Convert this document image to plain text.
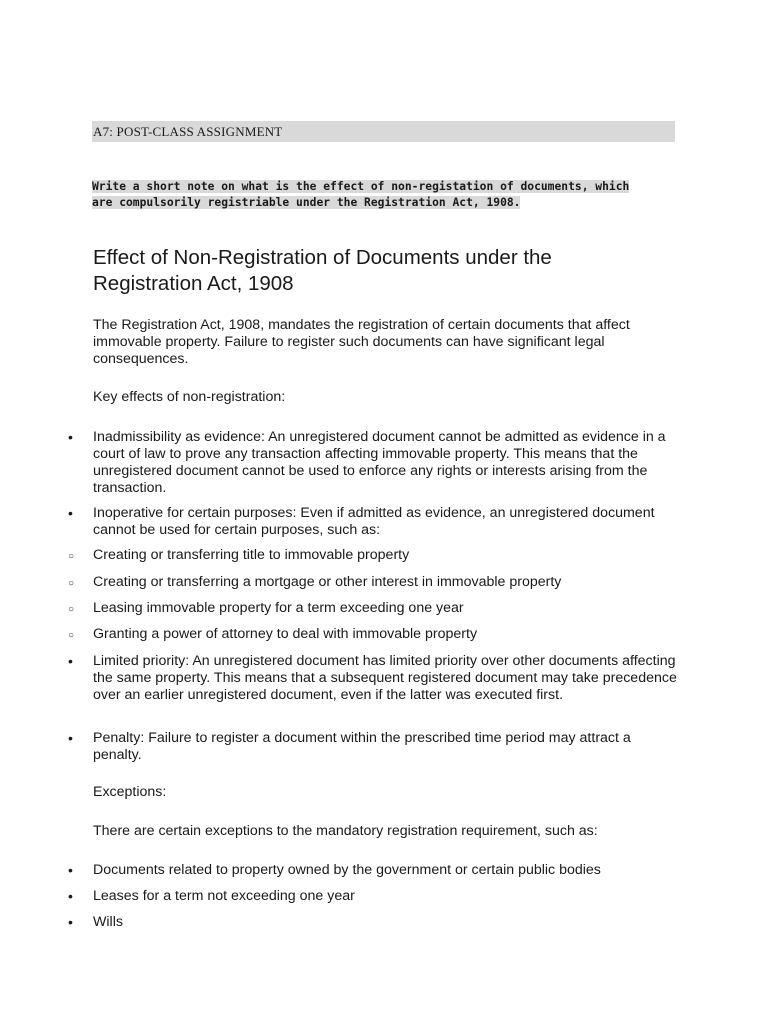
A7: POST-CLASS ASSIGNMENT
Write a short note on what is the effect of non-registation of documents, which are compulsorily registriable under the Registration Act, 1908.
Effect of Non-Registration of Documents under the Registration Act, 1908

The Registration Act, 1908, mandates the registration of certain documents that affect immovable property. Failure to register such documents can have significant legal consequences.

Key effects of non-registration:

• Inadmissibility as evidence: An unregistered document cannot be admitted as evidence in a court of law to prove any transaction affecting immovable property. This means that the unregistered document cannot be used to enforce any rights or interests arising from the transaction.

• Inoperative for certain purposes: Even if admitted as evidence, an unregistered document cannot be used for certain purposes, such as:

○ Creating or transferring title to immovable property

○ Creating or transferring a mortgage or other interest in immovable property

○ Leasing immovable property for a term exceeding one year

○ Granting a power of attorney to deal with immovable property

• Limited priority: An unregistered document has limited priority over other documents affecting the same property. This means that a subsequent registered document may take precedence over an earlier unregistered document, even if the latter was executed first.

• Penalty: Failure to register a document within the prescribed time period may attract a penalty.

Exceptions:

There are certain exceptions to the mandatory registration requirement, such as:

• Documents related to property owned by the government or certain public bodies

• Leases for a term not exceeding one year

• Wills
